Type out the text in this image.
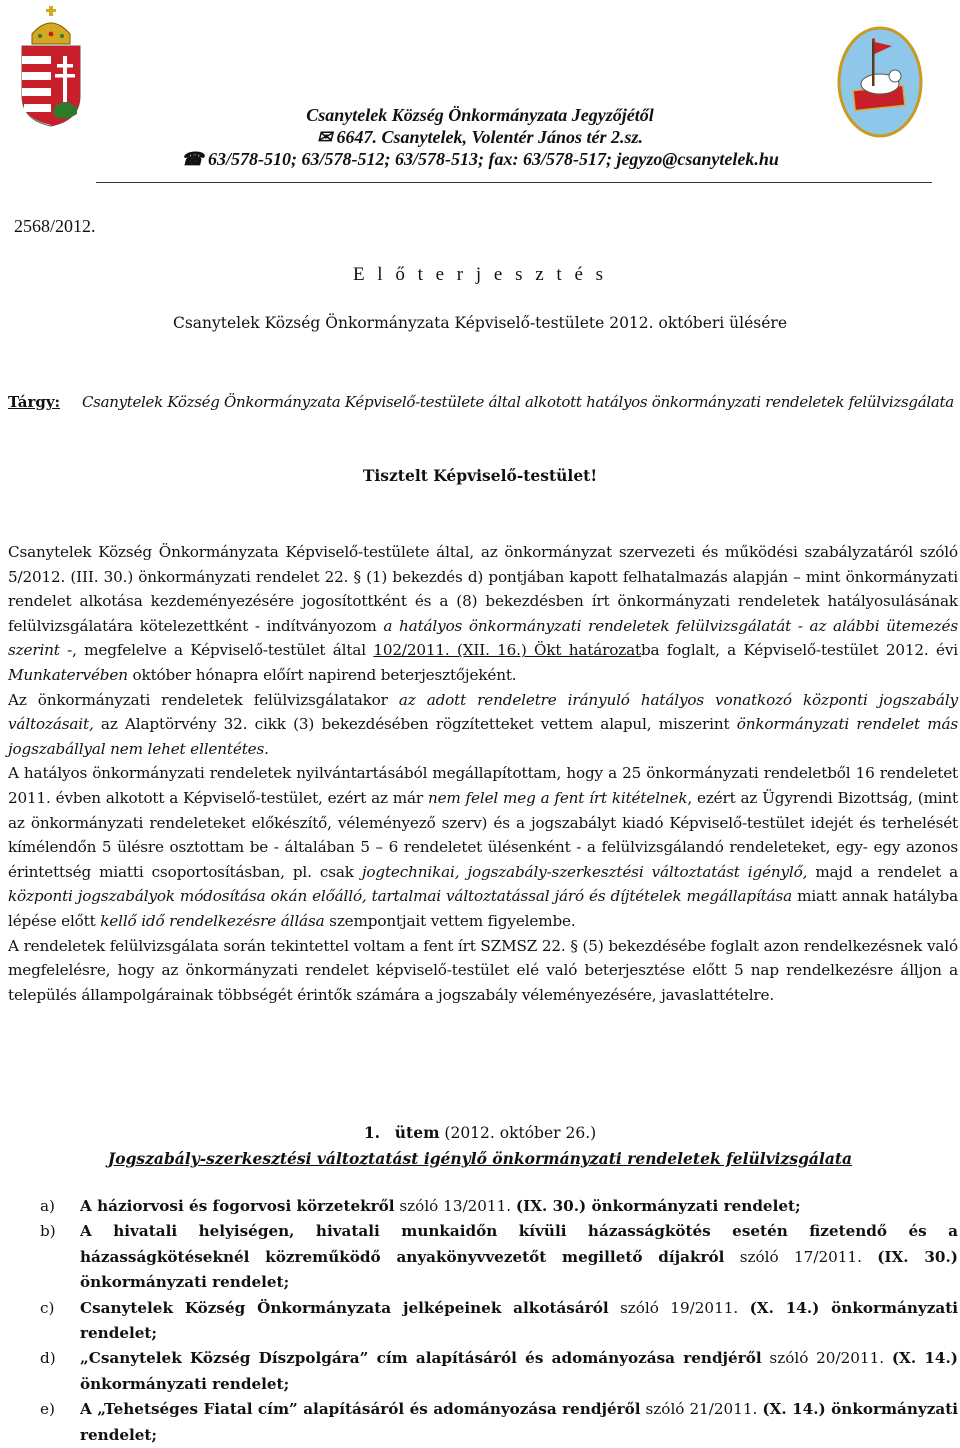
Csanytelek Község Önkormányzata Jegyzőjétől
✉ 6647. Csanytelek, Volentér János tér 2.sz.
☎ 63/578-510; 63/578-512; 63/578-513; fax: 63/578-517; jegyzo@csanytelek.hu
2568/2012.
E l ő t e r j e s z t é s
Csanytelek Község Önkormányzata Képviselő-testülete 2012. októberi ülésére
Tárgy: Csanytelek Község Önkormányzata Képviselő-testülete által alkotott hatályos önkormányzati rendeletek felülvizsgálata
Tisztelt Képviselő-testület!

Csanytelek Község Önkormányzata Képviselő-testülete által, az önkormányzat szervezeti és működési szabályzatáról szóló 5/2012. (III. 30.) önkormányzati rendelet 22. § (1) bekezdés d) pontjában kapott felhatalmazás alapján – mint önkormányzati rendelet alkotása kezdeményezésére jogosítottként és a (8) bekezdésben írt önkormányzati rendeletek hatályosulásának felülvizsgálatára kötelezettként - indítványozom a hatályos önkormányzati rendeletek felülvizsgálatát - az alábbi ütemezés szerint -, megfelelve a Képviselő-testület által 102/2011. (XII. 16.) Ökt határozatba foglalt, a Képviselő-testület 2012. évi Munkatervében október hónapra előírt napirend beterjesztőjeként.

Az önkormányzati rendeletek felülvizsgálatakor az adott rendeletre irányuló hatályos vonatkozó központi jogszabály változásait, az Alaptörvény 32. cikk (3) bekezdésében rögzítetteket vettem alapul, miszerint önkormányzati rendelet más jogszabállyal nem lehet ellentétes.

A hatályos önkormányzati rendeletek nyilvántartásából megállapítottam, hogy a 25 önkormányzati rendeletből 16 rendeletet 2011. évben alkotott a Képviselő-testület, ezért az már nem felel meg a fent írt kitételnek, ezért az Ügyrendi Bizottság, (mint az önkormányzati rendeleteket előkészítő, véleményező szerv) és a jogszabályt kiadó Képviselő-testület idejét és terhelését kímélendőn 5 ülésre osztottam be - általában 5 – 6 rendeletet ülésenként - a felülvizsgálandó rendeleteket, egy- egy azonos érintettség miatti csoportosításban, pl. csak jogtechnikai, jogszabály-szerkesztési változtatást igénylő, majd a rendelet a központi jogszabályok módosítása okán előálló, tartalmai változtatással járó és díjtételek megállapítása miatt annak hatályba lépése előtt kellő idő rendelkezésre állása szempontjait vettem figyelembe.

A rendeletek felülvizsgálata során tekintettel voltam a fent írt SZMSZ 22. § (5) bekezdésébe foglalt azon rendelkezésnek való megfelelésre, hogy az önkormányzati rendelet képviselő-testület elé való beterjesztése előtt 5 nap rendelkezésre álljon a település állampolgárainak többségét érintők számára a jogszabály véleményezésére, javaslattételre.

1. ütem (2012. október 26.)
Jogszabály-szerkesztési változtatást igénylő önkormányzati rendeletek felülvizsgálata
a)	A háziorvosi és fogorvosi körzetekről szóló 13/2011. (IX. 30.) önkormányzati rendelet;
b)	A hivatali helyiségen, hivatali munkaidőn kívüli házasságkötés esetén fizetendő és a házasságkötéseknél közreműködő anyakönyvvezetőt megillető díjakról szóló 17/2011. (IX. 30.) önkormányzati rendelet;
c)	Csanytelek Község Önkormányzata jelképeinek alkotásáról szóló 19/2011. (X. 14.) önkormányzati rendelet;
d)	„Csanytelek Község Díszpolgára” cím alapításáról és adományozása rendjéről szóló 20/2011. (X. 14.) önkormányzati rendelet;
e)	A „Tehetséges Fiatal cím” alapításáról és adományozása rendjéről szóló 21/2011. (X. 14.) önkormányzati rendelet;
